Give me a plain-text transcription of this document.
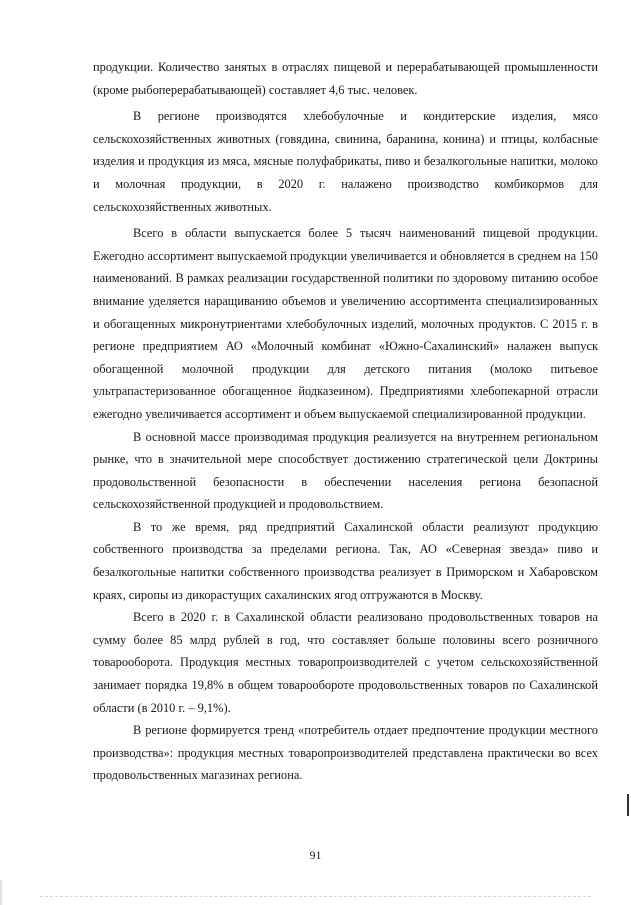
продукции. Количество занятых в отраслях пищевой и перерабатывающей промышленности (кроме рыбоперерабатывающей) составляет 4,6 тыс. человек.

В регионе производятся хлебобулочные и кондитерские изделия, мясо сельскохозяйственных животных (говядина, свинина, баранина, конина) и птицы, колбасные изделия и продукция из мяса, мясные полуфабрикаты, пиво и безалкогольные напитки, молоко и молочная продукции, в 2020 г. налажено производство комбикормов для сельскохозяйственных животных.

Всего в области выпускается более 5 тысяч наименований пищевой продукции. Ежегодно ассортимент выпускаемой продукции увеличивается и обновляется в среднем на 150 наименований. В рамках реализации государственной политики по здоровому питанию особое внимание уделяется наращиванию объемов и увеличению ассортимента специализированных и обогащенных микронутриентами хлебобулочных изделий, молочных продуктов. С 2015 г. в регионе предприятием АО «Молочный комбинат «Южно-Сахалинский» налажен выпуск обогащенной молочной продукции для детского питания (молоко питьевое ультрапастеризованное обогащенное йодказеином). Предприятиями хлебопекарной отрасли ежегодно увеличивается ассортимент и объем выпускаемой специализированной продукции.

В основной массе производимая продукция реализуется на внутреннем региональном рынке, что в значительной мере способствует достижению стратегической цели Доктрины продовольственной безопасности в обеспечении населения региона безопасной сельскохозяйственной продукцией и продовольствием.

В то же время, ряд предприятий Сахалинской области реализуют продукцию собственного производства за пределами региона. Так, АО «Северная звезда» пиво и безалкогольные напитки собственного производства реализует в Приморском и Хабаровском краях, сиропы из дикорастущих сахалинских ягод отгружаются в Москву.

Всего в 2020 г. в Сахалинской области реализовано продовольственных товаров на сумму более 85 млрд рублей в год, что составляет больше половины всего розничного товарооборота. Продукция местных товаропроизводителей с учетом сельскохозяйственной занимает порядка 19,8% в общем товарообороте продовольственных товаров по Сахалинской области (в 2010 г. – 9,1%).

В регионе формируется тренд «потребитель отдает предпочтение продукции местного производства»: продукция местных товаропроизводителей представлена практически во всех продовольственных магазинах региона.

91
